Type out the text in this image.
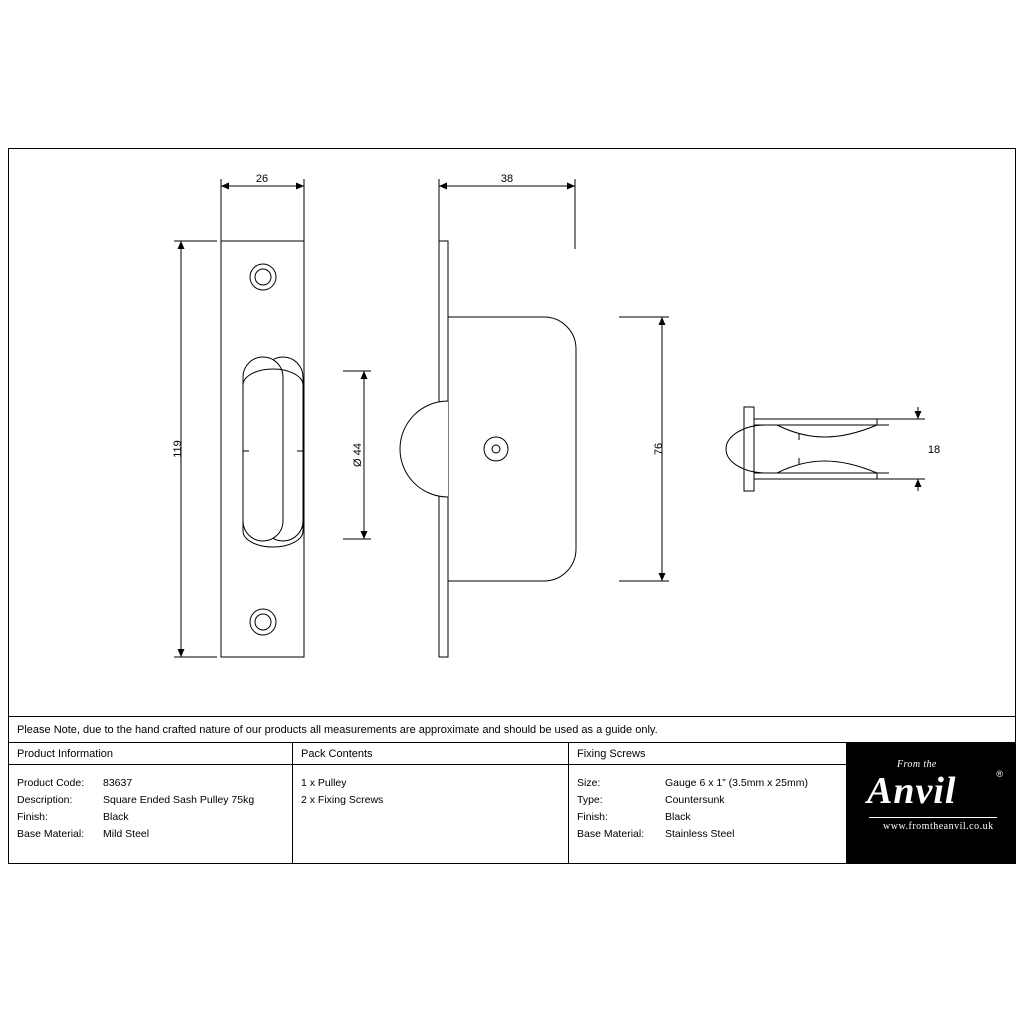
26
119	Ø 44
38
76	18
Please Note, due to the hand crafted nature of our products all measurements are approximate and should be used as a guide only.
Product Information
Product Code:	83637
Description:	Square Ended Sash Pulley 75kg
Finish:	Black
Base Material:	Mild Steel
Pack Contents
1 x Pulley
2 x Fixing Screws
Fixing Screws
Size:	Gauge 6 x 1” (3.5mm x 25mm)
Type:	Countersunk
Finish:	Black
Base Material:	Stainless Steel
From the
Anvil	®
www.fromtheanvil.co.uk
